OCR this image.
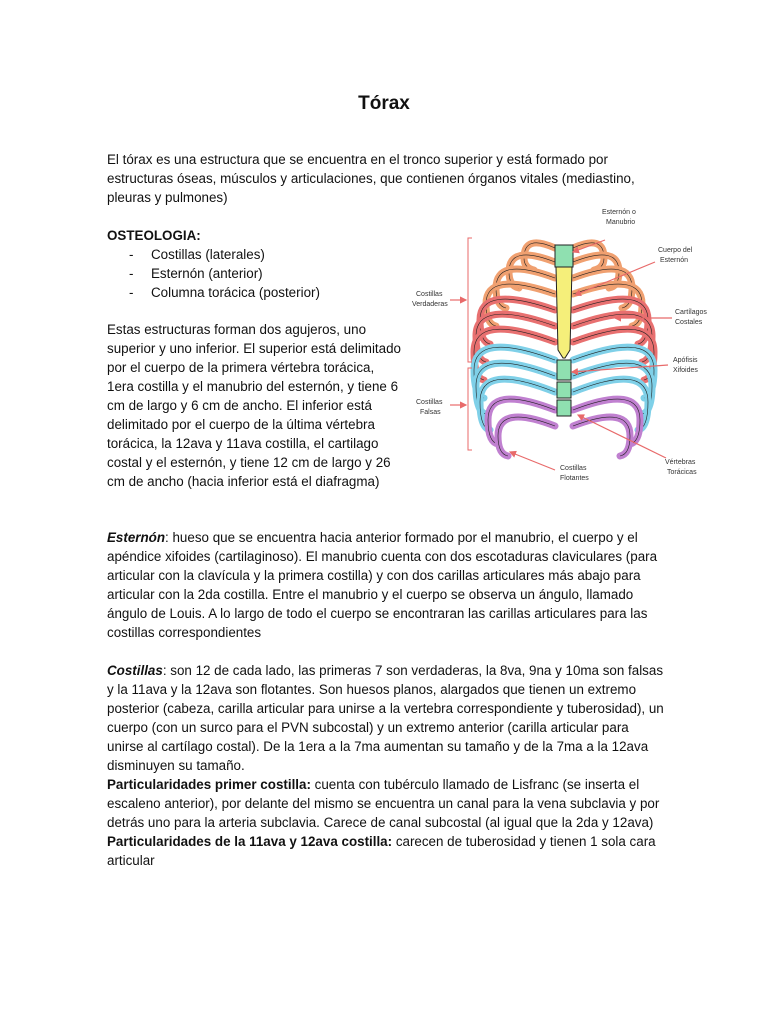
Tórax

El tórax es una estructura que se encuentra en el tronco superior y está formado por estructuras óseas, músculos y articulaciones, que contienen órganos vitales (mediastino, pleuras y pulmones)

OSTEOLOGIA:
- Costillas (laterales)
- Esternón (anterior)
- Columna torácica (posterior)

Estas estructuras forman dos agujeros, uno superior y uno inferior. El superior está delimitado por el cuerpo de la primera vértebra torácica, 1era costilla y el manubrio del esternón, y tiene 6 cm de largo y 6 cm de ancho. El inferior está delimitado por el cuerpo de la última vértebra torácica, la 12ava y 11ava costilla, el cartilago costal y el esternón, y tiene 12 cm de largo y 26 cm de ancho (hacia inferior está el diafragma)

Esternón: hueso que se encuentra hacia anterior formado por el manubrio, el cuerpo y el apéndice xifoides (cartilaginoso). El manubrio cuenta con dos escotaduras claviculares (para articular con la clavícula y la primera costilla) y con dos carillas articulares más abajo para articular con la 2da costilla. Entre el manubrio y el cuerpo se observa un ángulo, llamado ángulo de Louis. A lo largo de todo el cuerpo se encontraran las carillas articulares para las costillas correspondientes

Costillas: son 12 de cada lado, las primeras 7 son verdaderas, la 8va, 9na y 10ma son falsas y la 11ava y la 12ava son flotantes. Son huesos planos, alargados que tienen un extremo posterior (cabeza, carilla articular para unirse a la vertebra correspondiente y tuberosidad), un cuerpo (con un surco para el PVN subcostal) y un extremo anterior (carilla articular para unirse al cartílago costal). De la 1era a la 7ma aumentan su tamaño y de la 7ma a la 12ava disminuyen su tamaño.
Particularidades primer costilla: cuenta con tubérculo llamado de Lisfranc (se inserta el escaleno anterior), por delante del mismo se encuentra un canal para la vena subclavia y por detrás uno para la arteria subclavia. Carece de canal subcostal (al igual que la 2da y 12ava)
Particularidades de la 11ava y 12ava costilla: carecen de tuberosidad y tienen 1 sola cara articular

Esternón o
Manubrio
Cuerpo del
Esternón
Cartílagos
Costales
Apófisis
Xifoides
Vértebras
Torácicas
Costillas
Flotantes
Costillas
Falsas
Costillas
Verdaderas
